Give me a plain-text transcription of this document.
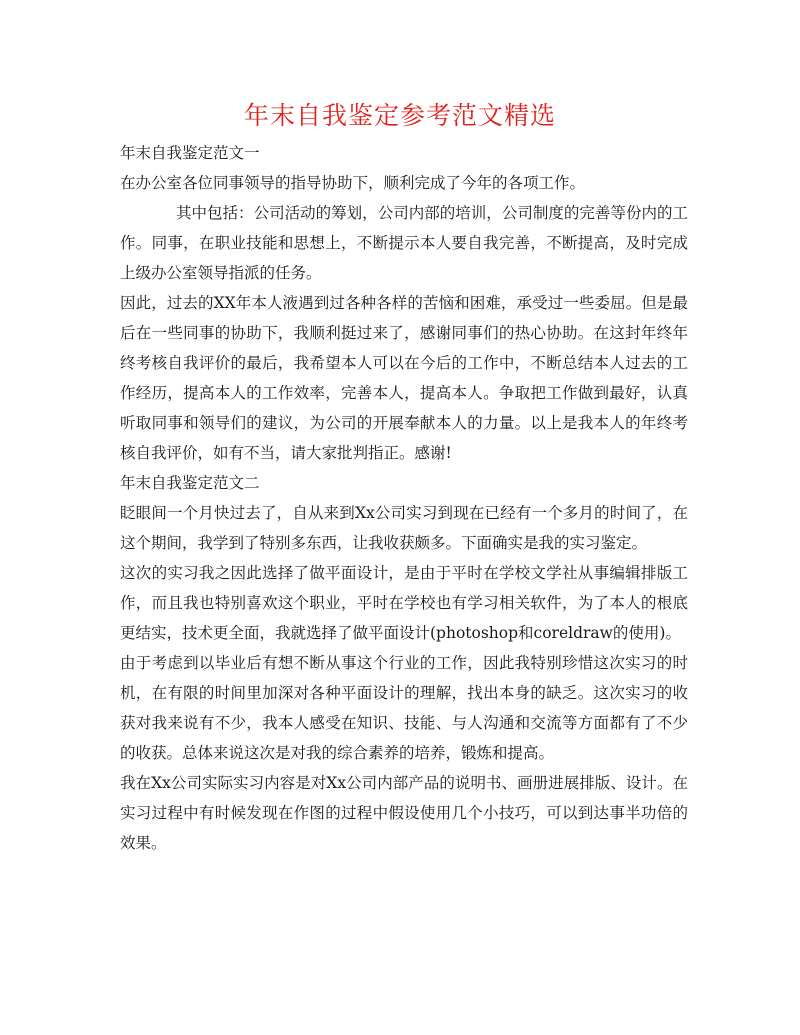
年末自我鉴定参考范文精选

年末自我鉴定范文一

在办公室各位同事领导的指导协助下，顺利完成了今年的各项工作。

其中包括：公司活动的筹划，公司内部的培训，公司制度的完善等份内的工作。同事，在职业技能和思想上，不断提示本人要自我完善，不断提高，及时完成上级办公室领导指派的任务。

因此，过去的XX年本人液遇到过各种各样的苦恼和困难，承受过一些委屈。但是最后在一些同事的协助下，我顺利挺过来了，感谢同事们的热心协助。在这封年终年终考核自我评价的最后，我希望本人可以在今后的工作中，不断总结本人过去的工作经历，提高本人的工作效率，完善本人，提高本人。争取把工作做到最好，认真听取同事和领导们的建议，为公司的开展奉献本人的力量。以上是我本人的年终考核自我评价，如有不当，请大家批判指正。感谢!

年末自我鉴定范文二

眨眼间一个月快过去了，自从来到Xx公司实习到现在已经有一个多月的时间了，在这个期间，我学到了特别多东西，让我收获颇多。下面确实是我的实习鉴定。

这次的实习我之因此选择了做平面设计，是由于平时在学校文学社从事编辑排版工作，而且我也特别喜欢这个职业，平时在学校也有学习相关软件，为了本人的根底更结实，技术更全面，我就选择了做平面设计(photoshop和coreldraw的使用)。

由于考虑到以毕业后有想不断从事这个行业的工作，因此我特别珍惜这次实习的时机，在有限的时间里加深对各种平面设计的理解，找出本身的缺乏。这次实习的收获对我来说有不少，我本人感受在知识、技能、与人沟通和交流等方面都有了不少的收获。总体来说这次是对我的综合素养的培养，锻炼和提高。

我在Xx公司实际实习内容是对Xx公司内部产品的说明书、画册进展排版、设计。在实习过程中有时候发现在作图的过程中假设使用几个小技巧，可以到达事半功倍的效果。
